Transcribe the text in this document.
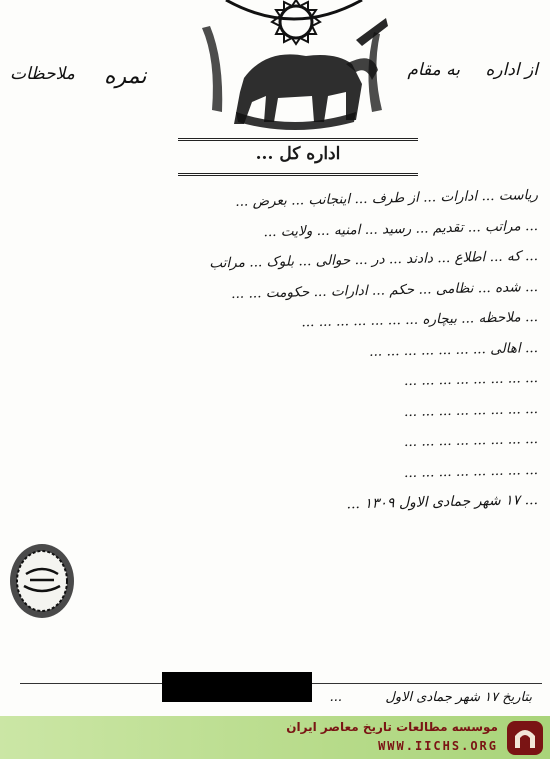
اداره کل ...
از اداره
به مقام
نمره
ملاحظات
ریاست ... ادارات ... از طرف ... اینجانب ... بعرض ...
... مراتب ... تقدیم ... رسید ... امنیه ... ولایت ...
... که ... اطلاع ... دادند ... در ... حوالی ... بلوک ... مراتب
... شده ... نظامی ... حکم ... ادارات ... حکومت ... ...
... ملاحظه ... بیچاره ... ... ... ... ... ... ...
... اهالی ... ... ... ... ... ... ...
... ... ... ... ... ... ... ...
... ... ... ... ... ... ... ...
... ... ... ... ... ... ... ...
... ... ... ... ... ... ... ...
... ۱۷ شهر جمادی الاول ۱۳۰۹ ...
بتاریخ ۱۷ شهر جمادی الاول
...
موسسه مطالعات تاریخ معاصر ایران
WWW.IICHS.ORG
